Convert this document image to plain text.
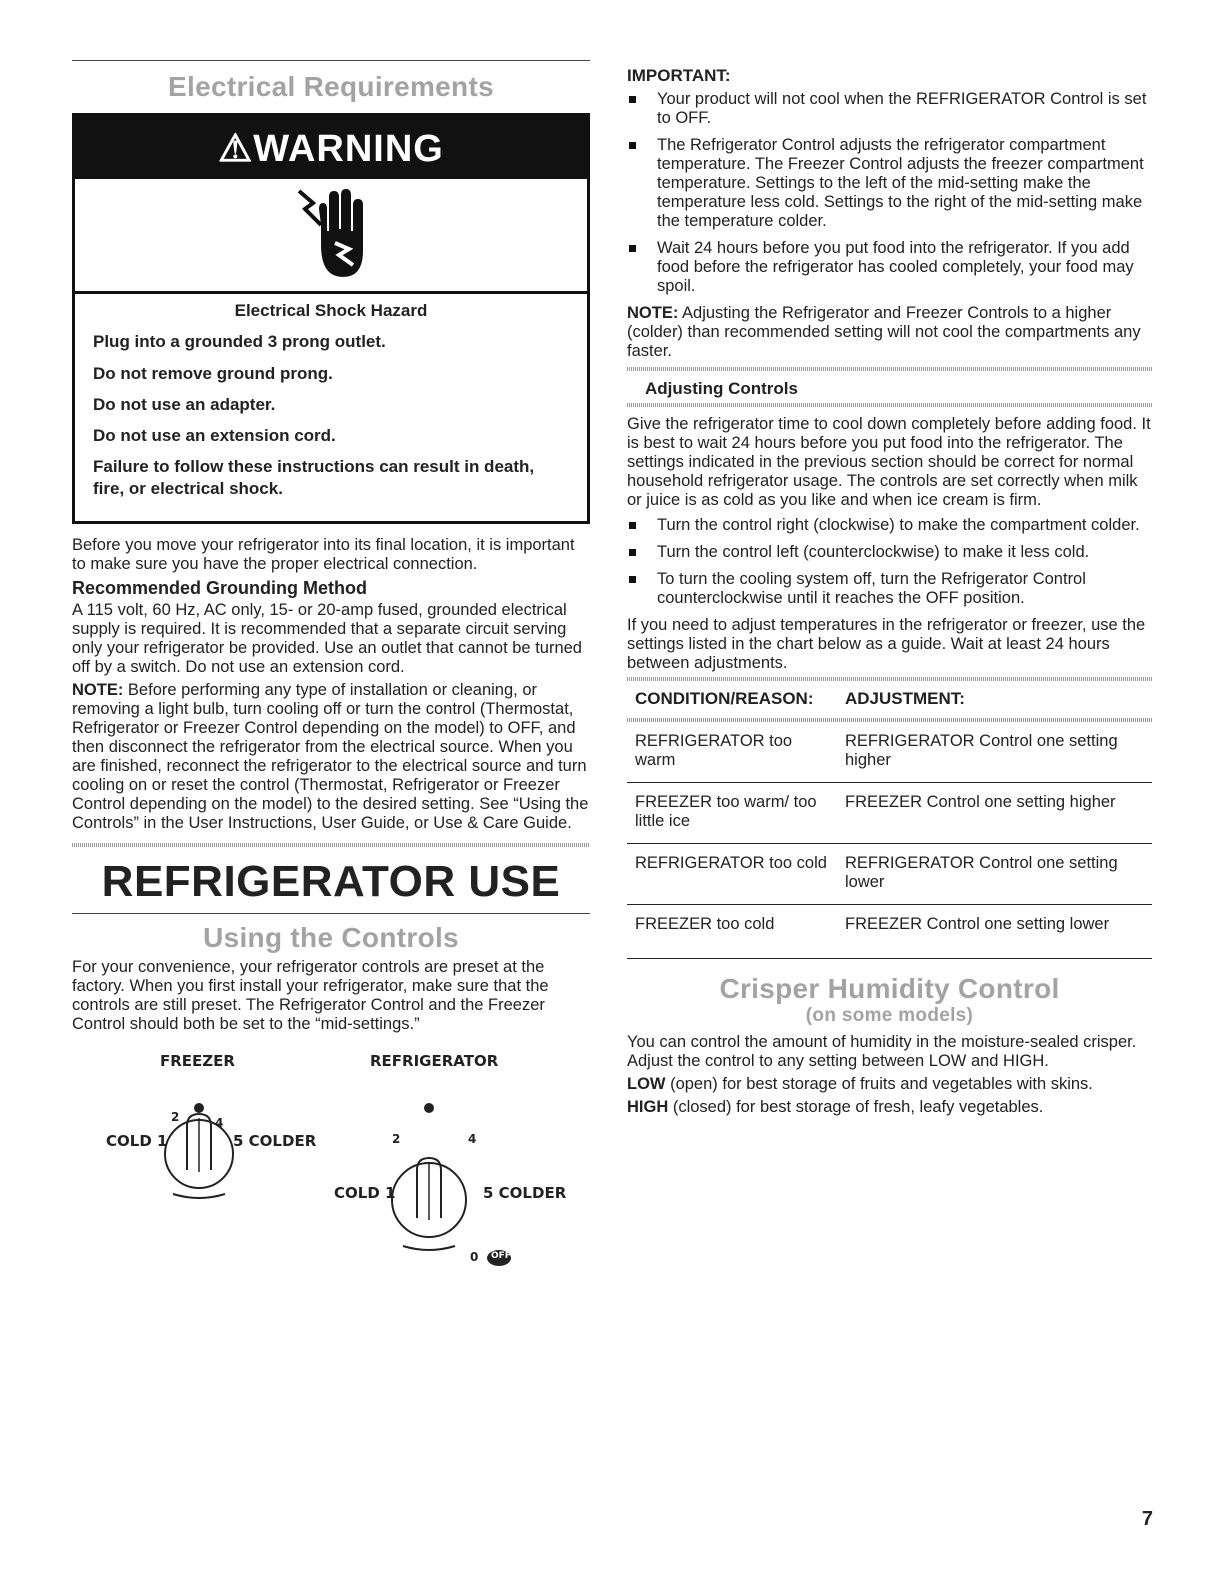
Electrical Requirements
⚠WARNING

Electrical Shock Hazard

Plug into a grounded 3 prong outlet.

Do not remove ground prong.

Do not use an adapter.

Do not use an extension cord.

Failure to follow these instructions can result in death, fire, or electrical shock.

Before you move your refrigerator into its final location, it is important to make sure you have the proper electrical connection.

Recommended Grounding Method

A 115 volt, 60 Hz, AC only, 15- or 20-amp fused, grounded electrical supply is required. It is recommended that a separate circuit serving only your refrigerator be provided. Use an outlet that cannot be turned off by a switch. Do not use an extension cord.

NOTE: Before performing any type of installation or cleaning, or removing a light bulb, turn cooling off or turn the control (Thermostat, Refrigerator or Freezer Control depending on the model) to OFF, and then disconnect the refrigerator from the electrical source. When you are finished, reconnect the refrigerator to the electrical source and turn cooling on or reset the control (Thermostat, Refrigerator or Freezer Control depending on the model) to the desired setting. See “Using the Controls” in the User Instructions, User Guide, or Use & Care Guide.

REFRIGERATOR USE
Using the Controls

For your convenience, your refrigerator controls are preset at the factory. When you first install your refrigerator, make sure that the controls are still preset. The Refrigerator Control and the Freezer Control should both be set to the “mid-settings.”

FREEZER	REFRIGERATOR
COLD 1
2	4
5 COLDER
COLD 1
2	4
5 COLDER
0 OFF
IMPORTANT:
Your product will not cool when the REFRIGERATOR Control is set to OFF.
The Refrigerator Control adjusts the refrigerator compartment temperature. The Freezer Control adjusts the freezer compartment temperature. Settings to the left of the mid-setting make the temperature less cold. Settings to the right of the mid-setting make the temperature colder.
Wait 24 hours before you put food into the refrigerator. If you add food before the refrigerator has cooled completely, your food may spoil.

NOTE: Adjusting the Refrigerator and Freezer Controls to a higher (colder) than recommended setting will not cool the compartments any faster.

Adjusting Controls

Give the refrigerator time to cool down completely before adding food. It is best to wait 24 hours before you put food into the refrigerator. The settings indicated in the previous section should be correct for normal household refrigerator usage. The controls are set correctly when milk or juice is as cold as you like and when ice cream is firm.

Turn the control right (clockwise) to make the compartment colder.
Turn the control left (counterclockwise) to make it less cold.
To turn the cooling system off, turn the Refrigerator Control counterclockwise until it reaches the OFF position.

If you need to adjust temperatures in the refrigerator or freezer, use the settings listed in the chart below as a guide. Wait at least 24 hours between adjustments.

CONDITION/REASON:	ADJUSTMENT:

REFRIGERATOR too warm	REFRIGERATOR Control one setting higher
FREEZER too warm/ too little ice	FREEZER Control one setting higher
REFRIGERATOR too cold	REFRIGERATOR Control one setting lower
FREEZER too cold	FREEZER Control one setting lower
Crisper Humidity Control
(on some models)

You can control the amount of humidity in the moisture-sealed crisper. Adjust the control to any setting between LOW and HIGH.

LOW (open) for best storage of fruits and vegetables with skins.

HIGH (closed) for best storage of fresh, leafy vegetables.

7
